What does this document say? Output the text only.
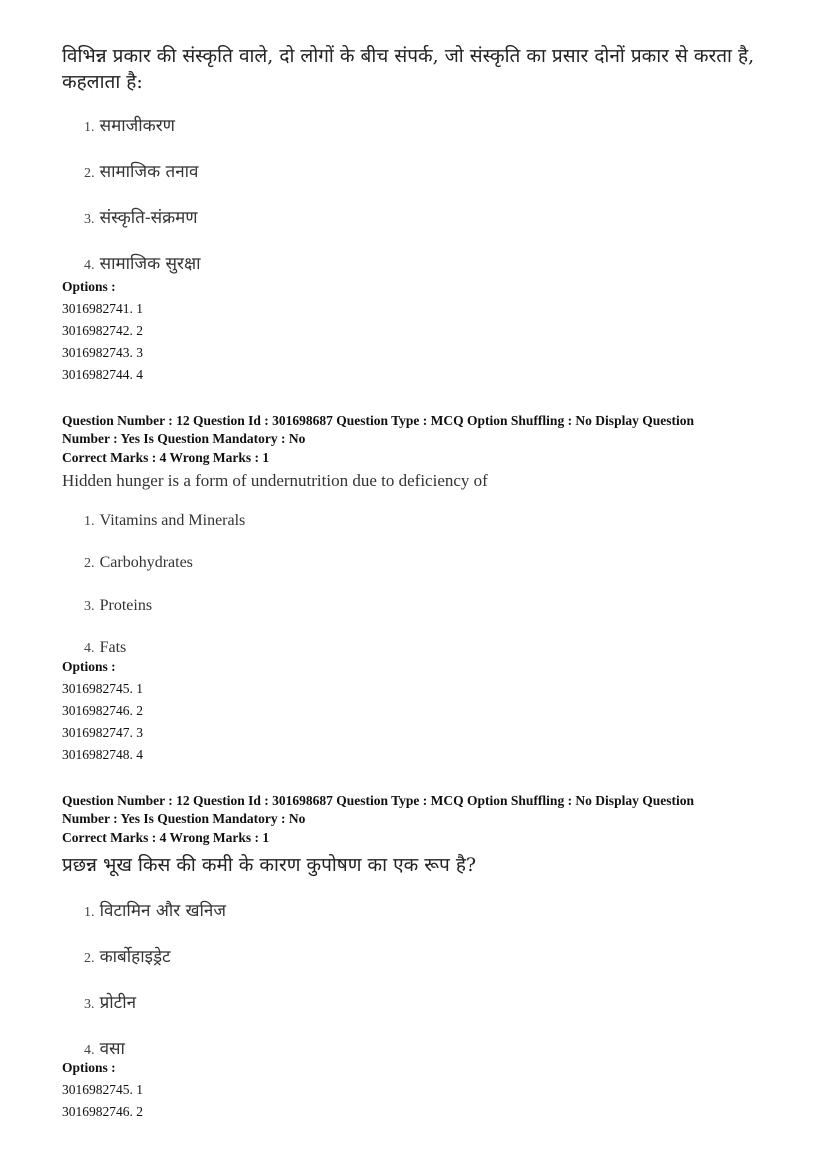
विभिन्न प्रकार की संस्कृति वाले, दो लोगों के बीच संपर्क, जो संस्कृति का प्रसार दोनों प्रकार से करता है,
कहलाता है:
1. समाजीकरण
2. सामाजिक तनाव
3. संस्कृति-संक्रमण
4. सामाजिक सुरक्षा
Options :
3016982741. 1
3016982742. 2
3016982743. 3
3016982744. 4
Question Number : 12 Question Id : 301698687 Question Type : MCQ Option Shuffling : No Display Question
Number : Yes Is Question Mandatory : No
Correct Marks : 4 Wrong Marks : 1
Hidden hunger is a form of undernutrition due to deficiency of
1. Vitamins and Minerals
2. Carbohydrates
3. Proteins
4. Fats
Options :
3016982745. 1
3016982746. 2
3016982747. 3
3016982748. 4
Question Number : 12 Question Id : 301698687 Question Type : MCQ Option Shuffling : No Display Question
Number : Yes Is Question Mandatory : No
Correct Marks : 4 Wrong Marks : 1
प्रछन्न भूख किस की कमी के कारण कुपोषण का एक रूप है?
1. विटामिन और खनिज
2. कार्बोहाइड्रेट
3. प्रोटीन
4. वसा
Options :
3016982745. 1
3016982746. 2
